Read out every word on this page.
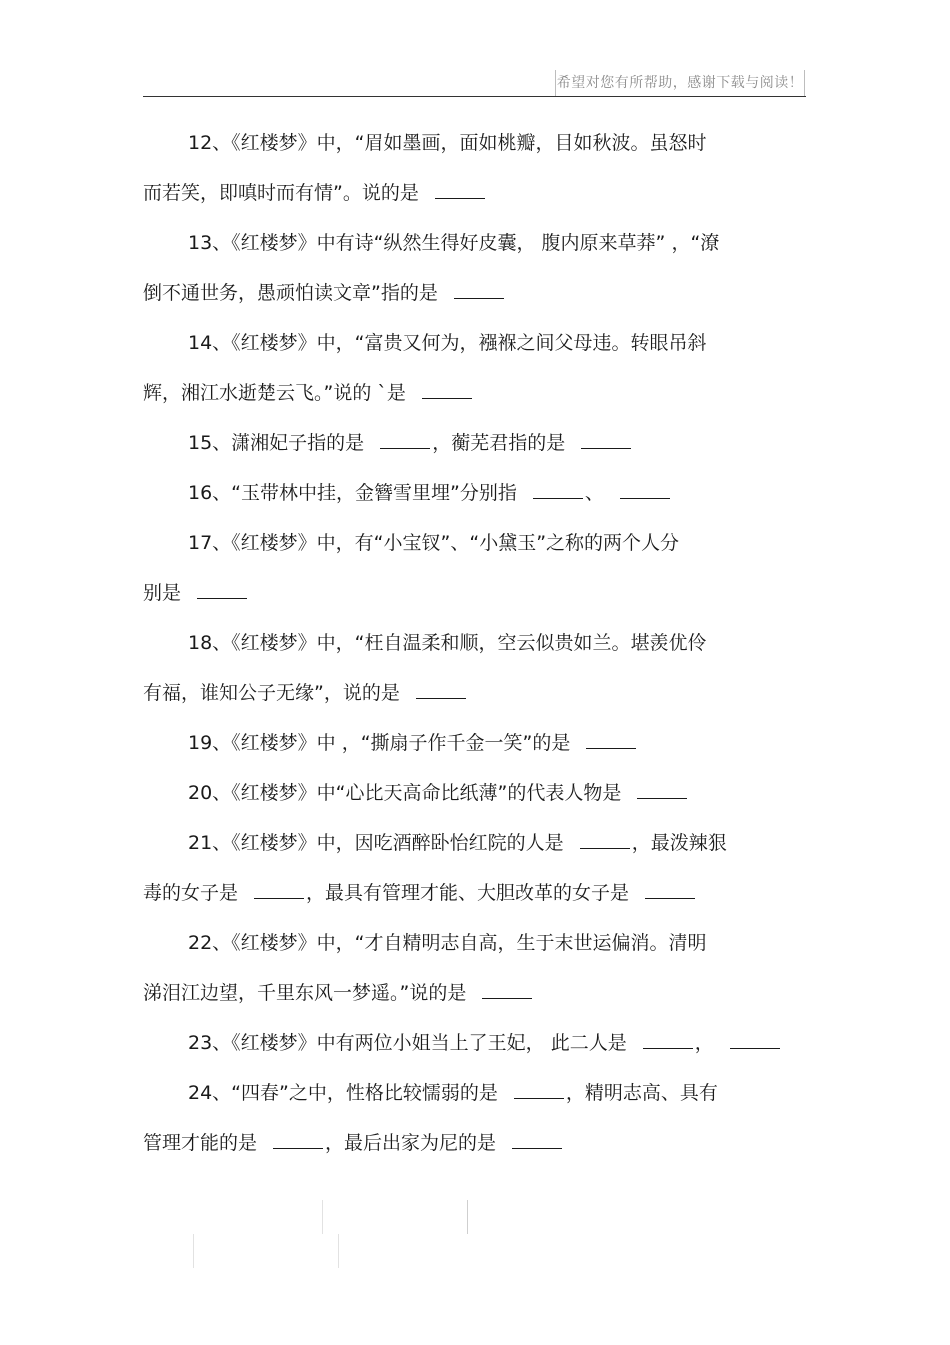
希望对您有所帮助，感谢下载与阅读！
12、《红楼梦》中，“眉如墨画，面如桃瓣，目如秋波。虽怒时
而若笑，即嗔时而有情”。说的是
13、《红楼梦》中有诗“纵然生得好皮囊， 腹内原来草莽” ，“潦
倒不通世务，愚顽怕读文章”指的是
14、《红楼梦》中，“富贵又何为，襁褓之间父母违。转眼吊斜
辉，湘江水逝楚云飞。”说的 `是
15、潇湘妃子指的是	，蘅芜君指的是
16、“玉带林中挂，金簪雪里埋”分别指	、
17、《红楼梦》中，有“小宝钗”、“小黛玉”之称的两个人分
别是
18、《红楼梦》中，“枉自温柔和顺，空云似贵如兰。堪羡优伶
有福，谁知公子无缘”，说的是
19、《红楼梦》中 ，“撕扇子作千金一笑”的是
20、《红楼梦》中“心比天高命比纸薄”的代表人物是
21、《红楼梦》中，因吃酒醉卧怡红院的人是	，最泼辣狠
毒的女子是	，最具有管理才能、大胆改革的女子是
22、《红楼梦》中，“才自精明志自高，生于末世运偏消。清明
涕泪江边望，千里东风一梦遥。”说的是
23、《红楼梦》中有两位小姐当上了王妃， 此二人是	，
24、“四春”之中，性格比较懦弱的是	，精明志高、具有
管理才能的是	，最后出家为尼的是
